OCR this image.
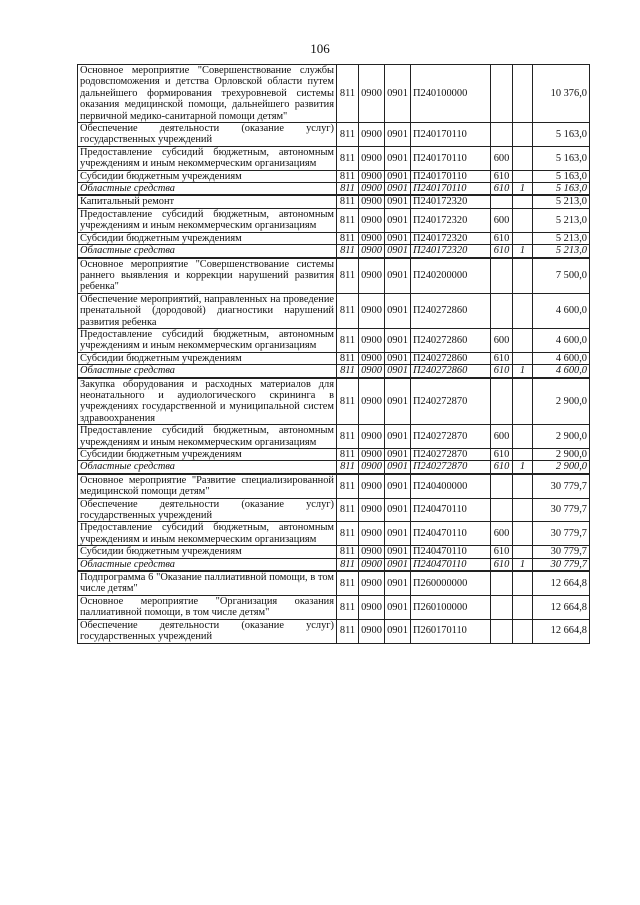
106
Основное мероприятие "Совершенствование службы родовспоможения и детства Орловской области путем дальнейшего формирования трехуровневой системы оказания медицинской помощи, дальнейшего развития первичной медико-санитарной помощи детям"	811	0900	0901	П240100000			10 376,0
Обеспечение деятельности (оказание услуг) государственных учреждений	811	0900	0901	П240170110			5 163,0
Предоставление субсидий бюджетным, автономным учреждениям и иным некоммерческим организациям	811	0900	0901	П240170110	600		5 163,0
Субсидии бюджетным учреждениям	811	0900	0901	П240170110	610		5 163,0
Областные средства	811	0900	0901	П240170110	610	1	5 163,0
Капитальный ремонт	811	0900	0901	П240172320			5 213,0
Предоставление субсидий бюджетным, автономным учреждениям и иным некоммерческим организациям	811	0900	0901	П240172320	600		5 213,0
Субсидии бюджетным учреждениям	811	0900	0901	П240172320	610		5 213,0
Областные средства	811	0900	0901	П240172320	610	1	5 213,0
Основное мероприятие "Совершенствование системы раннего выявления и коррекции нарушений развития ребенка"	811	0900	0901	П240200000			7 500,0
Обеспечение мероприятий, направленных на проведение пренатальной (дородовой) диагностики нарушений развития ребенка	811	0900	0901	П240272860			4 600,0
Предоставление субсидий бюджетным, автономным учреждениям и иным некоммерческим организациям	811	0900	0901	П240272860	600		4 600,0
Субсидии бюджетным учреждениям	811	0900	0901	П240272860	610		4 600,0
Областные средства	811	0900	0901	П240272860	610	1	4 600,0
Закупка оборудования и расходных материалов для неонатального и аудиологического скрининга в учреждениях государственной и муниципальной систем здравоохранения	811	0900	0901	П240272870			2 900,0
Предоставление субсидий бюджетным, автономным учреждениям и иным некоммерческим организациям	811	0900	0901	П240272870	600		2 900,0
Субсидии бюджетным учреждениям	811	0900	0901	П240272870	610		2 900,0
Областные средства	811	0900	0901	П240272870	610	1	2 900,0
Основное мероприятие "Развитие специализированной медицинской помощи детям"	811	0900	0901	П240400000			30 779,7
Обеспечение деятельности (оказание услуг) государственных учреждений	811	0900	0901	П240470110			30 779,7
Предоставление субсидий бюджетным, автономным учреждениям и иным некоммерческим организациям	811	0900	0901	П240470110	600		30 779,7
Субсидии бюджетным учреждениям	811	0900	0901	П240470110	610		30 779,7
Областные средства	811	0900	0901	П240470110	610	1	30 779,7
Подпрограмма 6 "Оказание паллиативной помощи, в том числе детям"	811	0900	0901	П260000000			12 664,8
Основное мероприятие "Организация оказания паллиативной помощи, в том числе детям"	811	0900	0901	П260100000			12 664,8
Обеспечение деятельности (оказание услуг) государственных учреждений	811	0900	0901	П260170110			12 664,8
